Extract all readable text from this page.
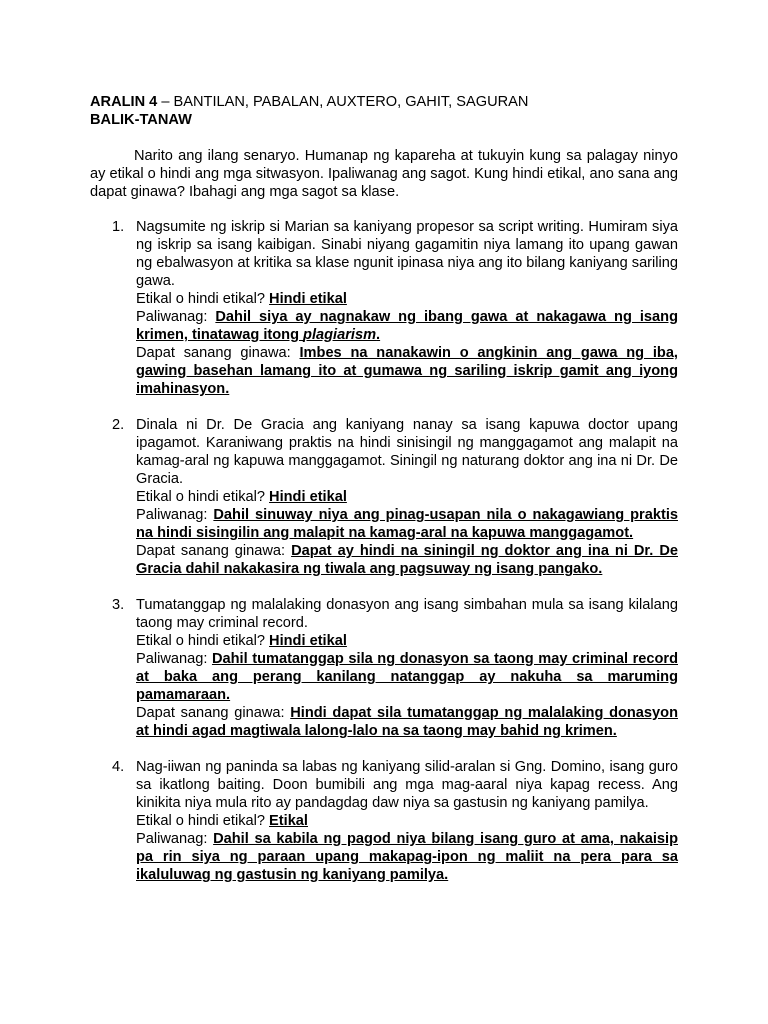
ARALIN 4 – BANTILAN, PABALAN, AUXTERO, GAHIT, SAGURAN
BALIK-TANAW

Narito ang ilang senaryo. Humanap ng kapareha at tukuyin kung sa palagay ninyo ay etikal o hindi ang mga sitwasyon. Ipaliwanag ang sagot. Kung hindi etikal, ano sana ang dapat ginawa? Ibahagi ang mga sagot sa klase.

1. Nagsumite ng iskrip si Marian sa kaniyang propesor sa script writing. Humiram siya ng iskrip sa isang kaibigan. Sinabi niyang gagamitin niya lamang ito upang gawan ng ebalwasyon at kritika sa klase ngunit ipinasa niya ang ito bilang kaniyang sariling gawa.
Etikal o hindi etikal? Hindi etikal
Paliwanag: Dahil siya ay nagnakaw ng ibang gawa at nakagawa ng isang krimen, tinatawag itong plagiarism.
Dapat sanang ginawa: Imbes na nanakawin o angkinin ang gawa ng iba, gawing basehan lamang ito at gumawa ng sariling iskrip gamit ang iyong imahinasyon.
2. Dinala ni Dr. De Gracia ang kaniyang nanay sa isang kapuwa doctor upang ipagamot. Karaniwang praktis na hindi sinisingil ng manggagamot ang malapit na kamag-aral ng kapuwa manggagamot. Siningil ng naturang doktor ang ina ni Dr. De Gracia.
Etikal o hindi etikal? Hindi etikal
Paliwanag: Dahil sinuway niya ang pinag-usapan nila o nakagawiang praktis na hindi sisingilin ang malapit na kamag-aral na kapuwa manggagamot.
Dapat sanang ginawa: Dapat ay hindi na siningil ng doktor ang ina ni Dr. De Gracia dahil nakakasira ng tiwala ang pagsuway ng isang pangako.
3. Tumatanggap ng malalaking donasyon ang isang simbahan mula sa isang kilalang taong may criminal record.
Etikal o hindi etikal? Hindi etikal
Paliwanag: Dahil tumatanggap sila ng donasyon sa taong may criminal record at baka ang perang kanilang natanggap ay nakuha sa maruming pamamaraan.
Dapat sanang ginawa: Hindi dapat sila tumatanggap ng malalaking donasyon at hindi agad magtiwala lalong-lalo na sa taong may bahid ng krimen.
4. Nag-iiwan ng paninda sa labas ng kaniyang silid-aralan si Gng. Domino, isang guro sa ikatlong baiting. Doon bumibili ang mga mag-aaral niya kapag recess. Ang kinikita niya mula rito ay pandagdag daw niya sa gastusin ng kaniyang pamilya.
Etikal o hindi etikal? Etikal
Paliwanag: Dahil sa kabila ng pagod niya bilang isang guro at ama, nakaisip pa rin siya ng paraan upang makapag-ipon ng maliit na pera para sa ikaluluwag ng gastusin ng kaniyang pamilya.
